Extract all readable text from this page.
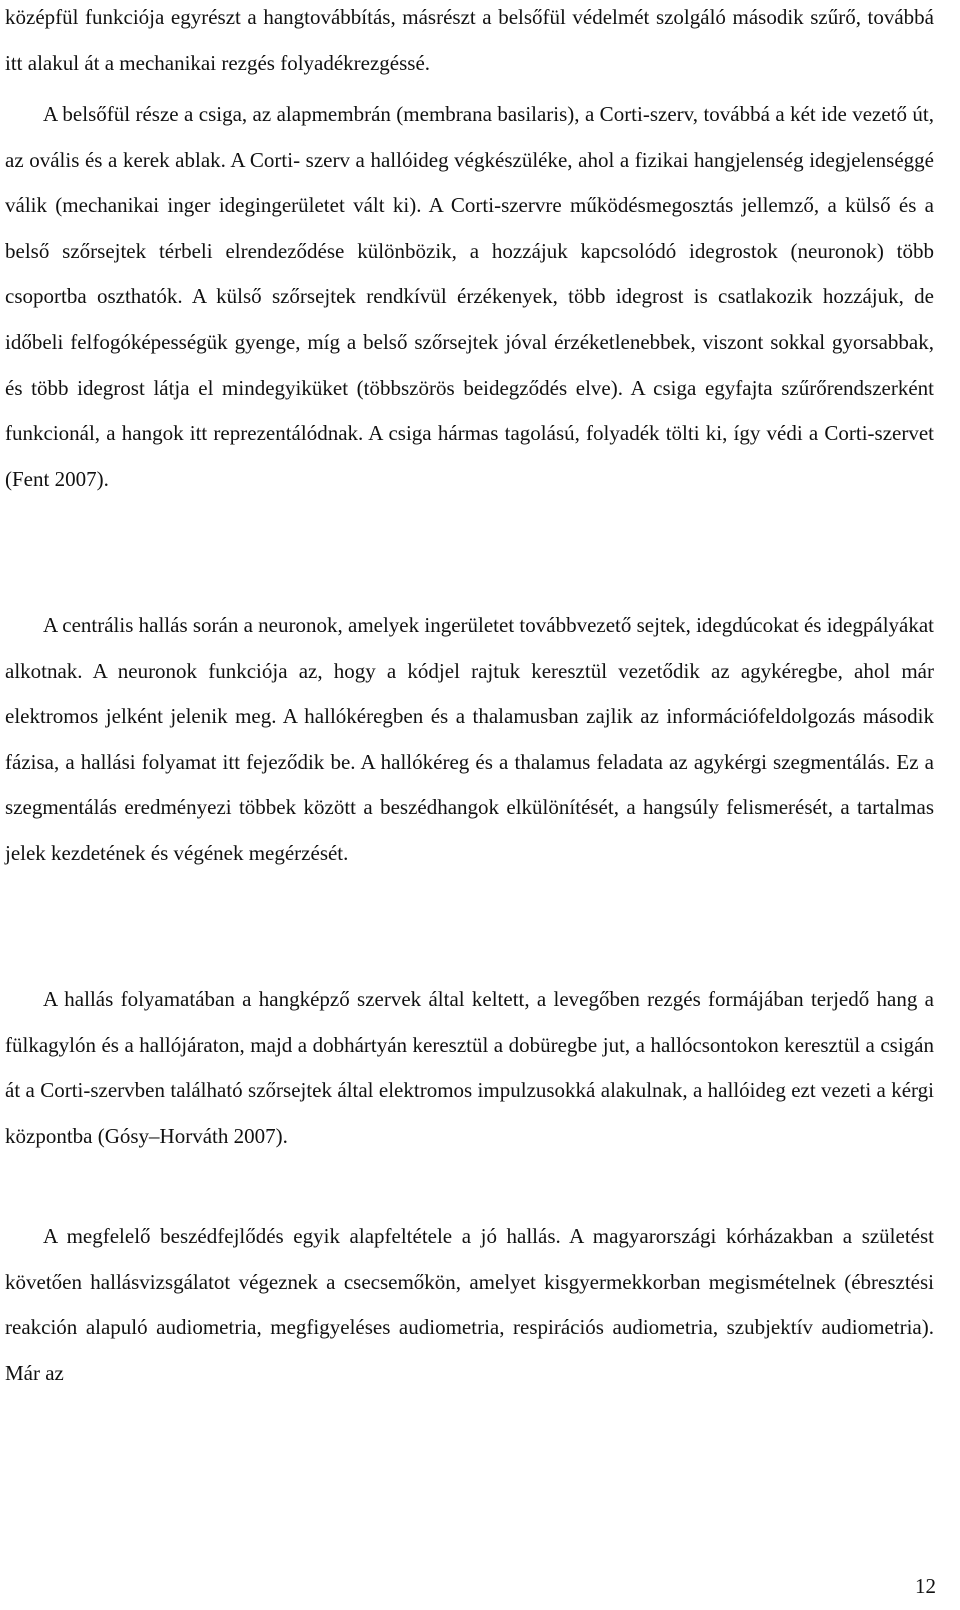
középfül funkciója egyrészt a hangtovábbítás, másrészt a belsőfül védelmét szolgáló második szűrő, továbbá itt alakul át a mechanikai rezgés folyadékrezgéssé.

A belsőfül része a csiga, az alapmembrán (membrana basilaris), a Corti-szerv, továbbá a két ide vezető út, az ovális és a kerek ablak. A Corti- szerv a hallóideg végkészüléke, ahol a fizikai hangjelenség idegjelenséggé válik (mechanikai inger idegingerületet vált ki). A Corti-szervre működésmegosztás jellemző, a külső és a belső szőrsejtek térbeli elrendeződése különbözik, a hozzájuk kapcsolódó idegrostok (neuronok) több csoportba oszthatók. A külső szőrsejtek rendkívül érzékenyek, több idegrost is csatlakozik hozzájuk, de időbeli felfogóképességük gyenge, míg a belső szőrsejtek jóval érzéketlenebbek, viszont sokkal gyorsabbak, és több idegrost látja el mindegyiküket (többszörös beidegződés elve). A csiga egyfajta szűrőrendszerként funkcionál, a hangok itt reprezentálódnak. A csiga hármas tagolású, folyadék tölti ki, így védi a Corti-szervet (Fent 2007).

A centrális hallás során a neuronok, amelyek ingerületet továbbvezető sejtek, idegdúcokat és idegpályákat alkotnak. A neuronok funkciója az, hogy a kódjel rajtuk keresztül vezetődik az agykéregbe, ahol már elektromos jelként jelenik meg. A hallókéregben és a thalamusban zajlik az információfeldolgozás második fázisa, a hallási folyamat itt fejeződik be. A hallókéreg és a thalamus feladata az agykérgi szegmentálás. Ez a szegmentálás eredményezi többek között a beszédhangok elkülönítését, a hangsúly felismerését, a tartalmas jelek kezdetének és végének megérzését.

A hallás folyamatában a hangképző szervek által keltett, a levegőben rezgés formájában terjedő hang a fülkagylón és a hallójáraton, majd a dobhártyán keresztül a dobüregbe jut, a hallócsontokon keresztül a csigán át a Corti-szervben található szőrsejtek által elektromos impulzusokká alakulnak, a hallóideg ezt vezeti a kérgi központba (Gósy–Horváth 2007).

A megfelelő beszédfejlődés egyik alapfeltétele a jó hallás. A magyarországi kórházakban a születést követően hallásvizsgálatot végeznek a csecsemőkön, amelyet kisgyermekkorban megismételnek (ébresztési reakción alapuló audiometria, megfigyeléses audiometria, respirációs audiometria, szubjektív audiometria). Már az

12
